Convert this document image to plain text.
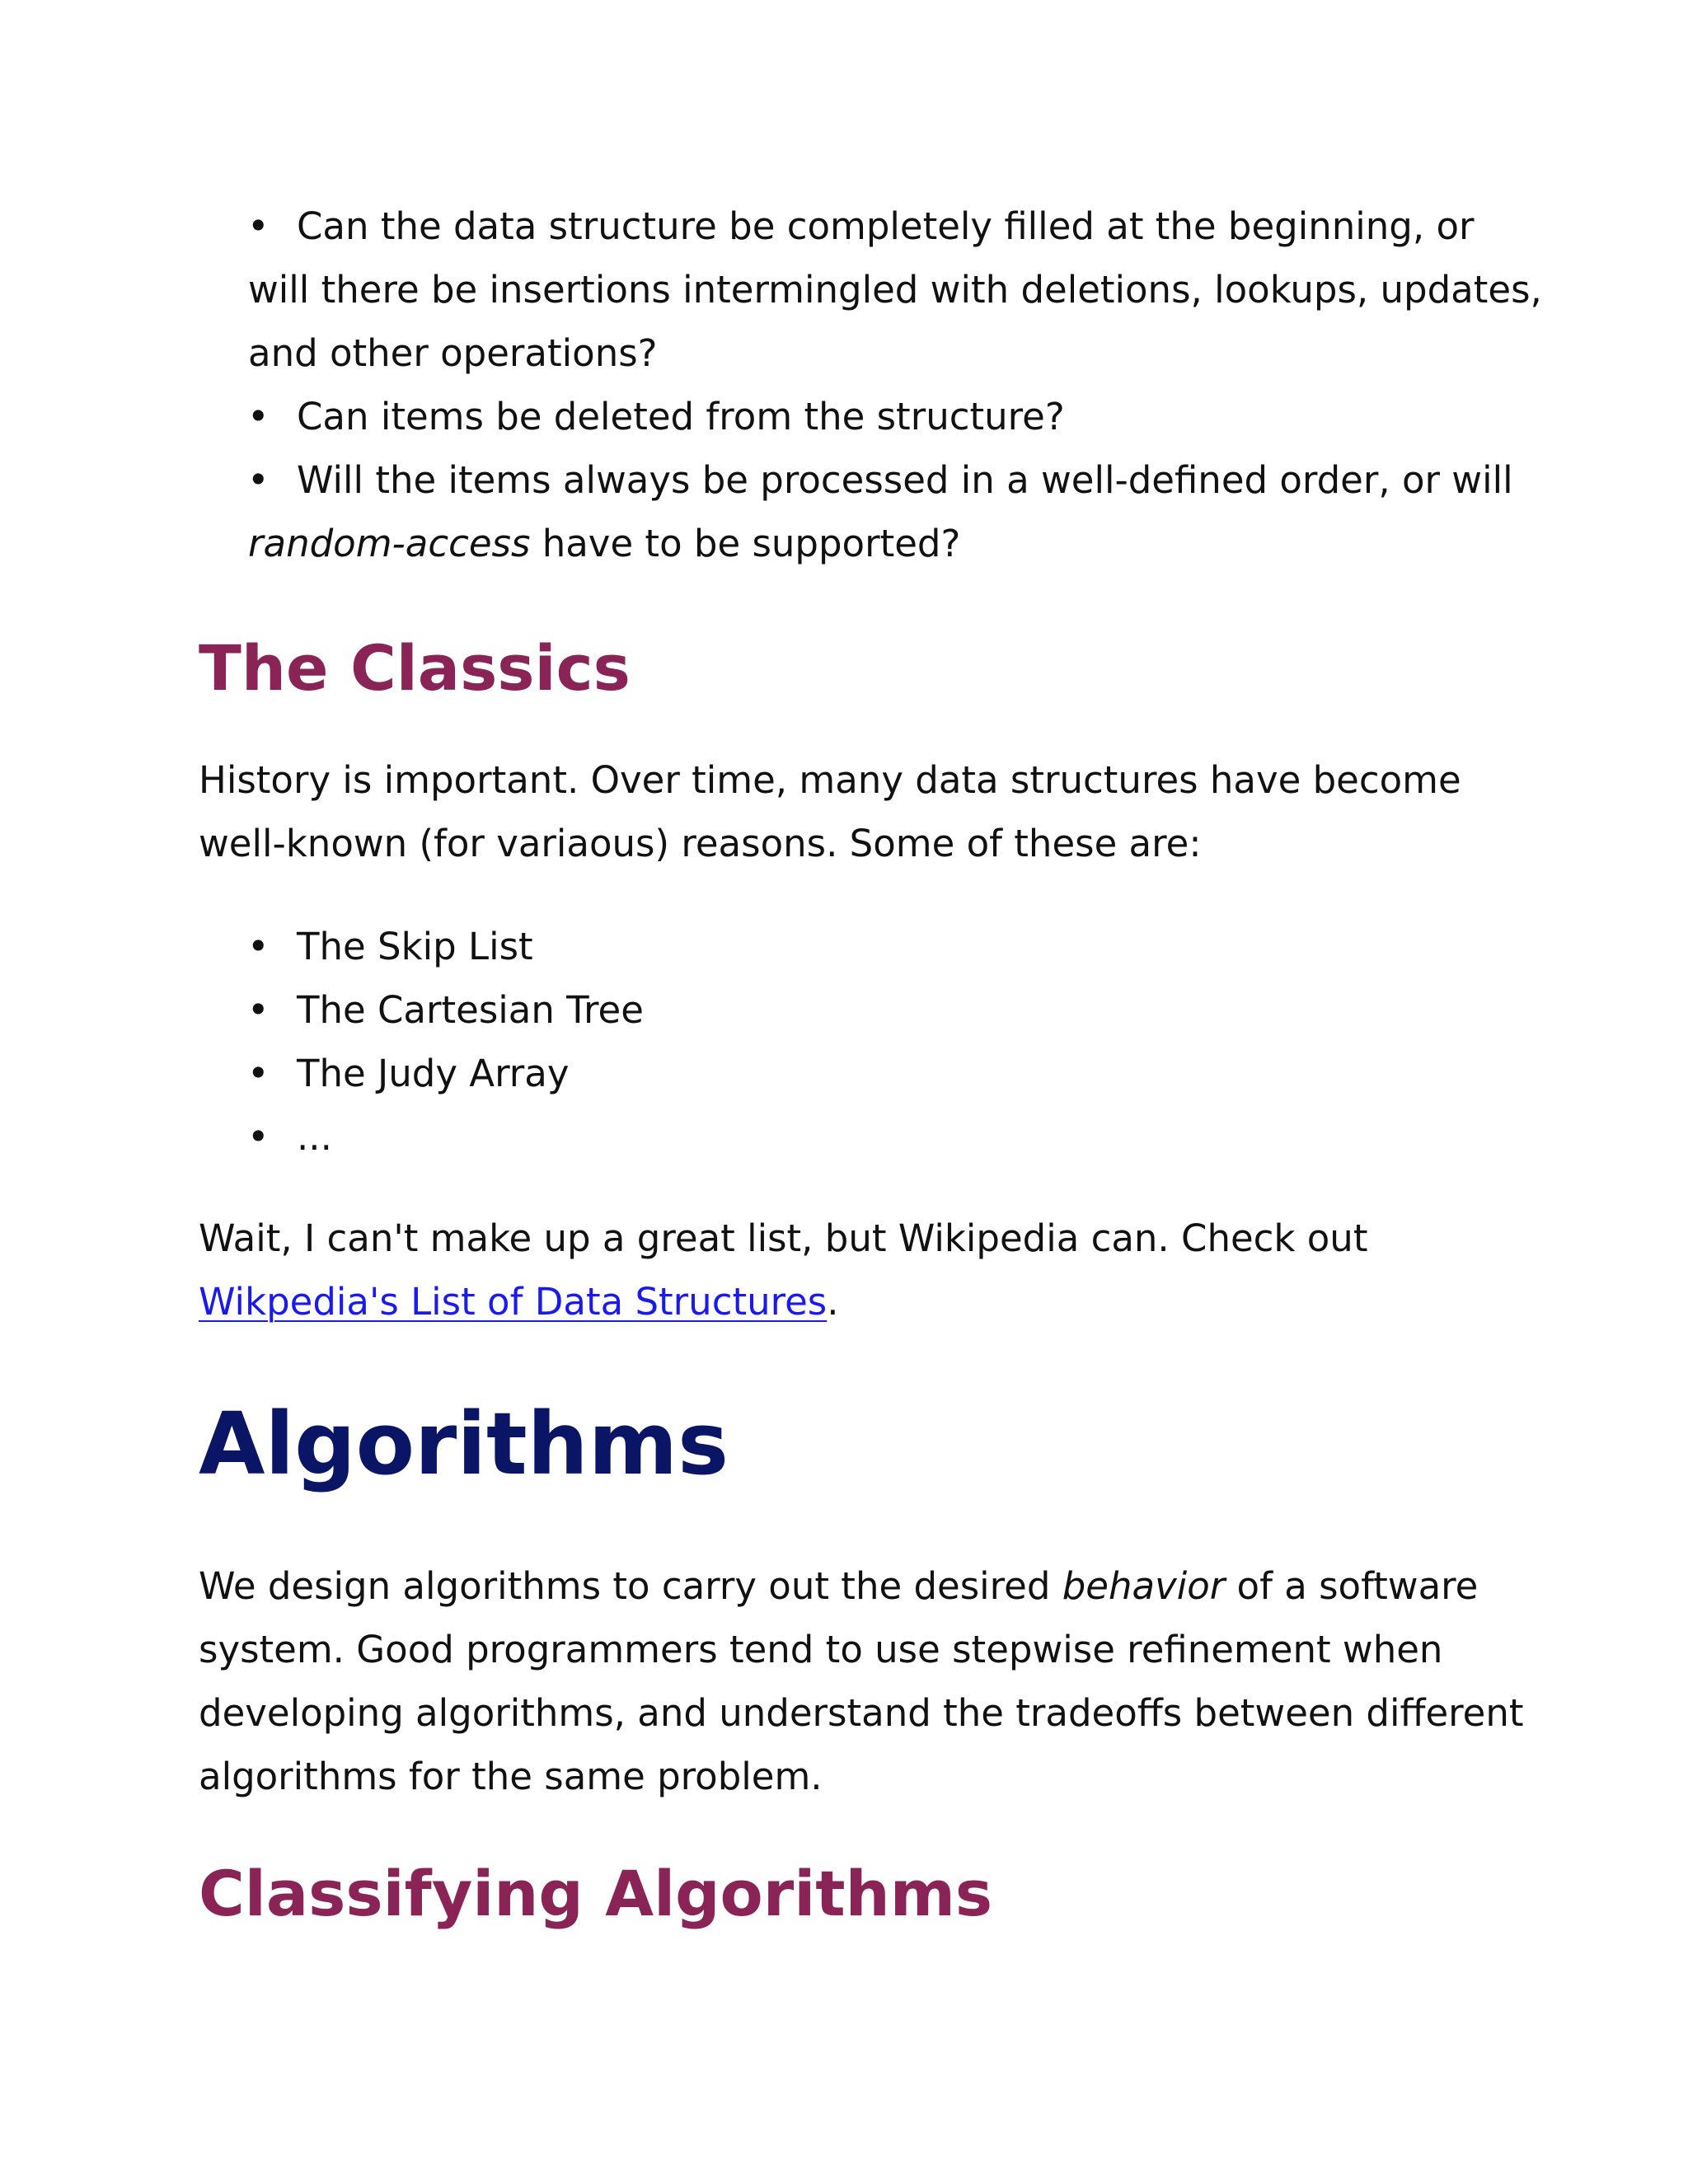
• Can the data structure be completely filled at the beginning, or
will there be insertions intermingled with deletions, lookups, updates,
and other operations?
• Can items be deleted from the structure?
• Will the items always be processed in a well-defined order, or will
random-access have to be supported?
The Classics

History is important. Over time, many data structures have become
well-known (for variaous) reasons. Some of these are:

• The Skip List
• The Cartesian Tree
• The Judy Array
• ...

Wait, I can't make up a great list, but Wikipedia can. Check out
Wikpedia's List of Data Structures.

Algorithms

We design algorithms to carry out the desired behavior of a software
system. Good programmers tend to use stepwise refinement when
developing algorithms, and understand the tradeoffs between different
algorithms for the same problem.

Classifying Algorithms
